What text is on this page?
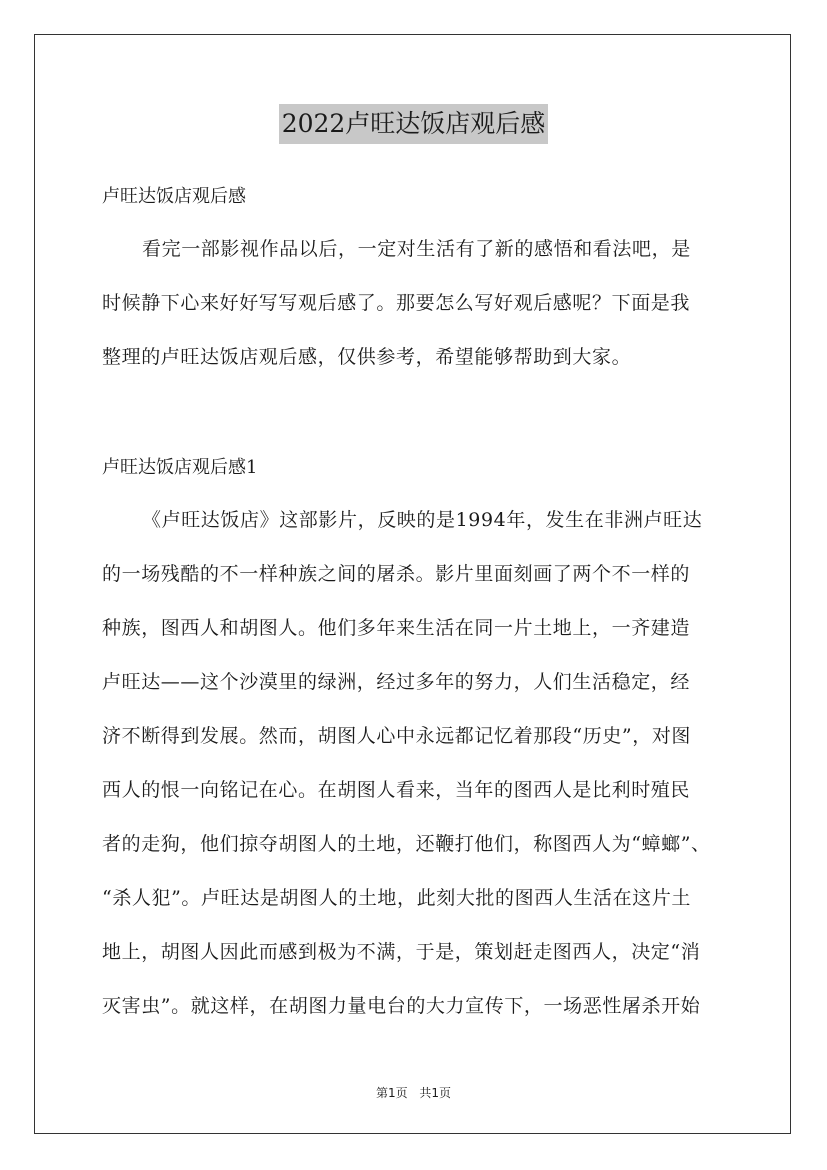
2022卢旺达饭店观后感

卢旺达饭店观后感

看完一部影视作品以后，一定对生活有了新的感悟和看法吧，是
时候静下心来好好写写观后感了。那要怎么写好观后感呢？下面是我
整理的卢旺达饭店观后感，仅供参考，希望能够帮助到大家。

卢旺达饭店观后感1

《卢旺达饭店》这部影片，反映的是1994年，发生在非洲卢旺达
的一场残酷的不一样种族之间的屠杀。影片里面刻画了两个不一样的
种族，图西人和胡图人。他们多年来生活在同一片土地上，一齐建造
卢旺达——这个沙漠里的绿洲，经过多年的努力，人们生活稳定，经
济不断得到发展。然而，胡图人心中永远都记忆着那段“历史”，对图
西人的恨一向铭记在心。在胡图人看来，当年的图西人是比利时殖民
者的走狗，他们掠夺胡图人的土地，还鞭打他们，称图西人为“蟑螂”、
“杀人犯”。卢旺达是胡图人的土地，此刻大批的图西人生活在这片土
地上，胡图人因此而感到极为不满，于是，策划赶走图西人，决定“消
灭害虫”。就这样，在胡图力量电台的大力宣传下，一场恶性屠杀开始
第1页 共1页
